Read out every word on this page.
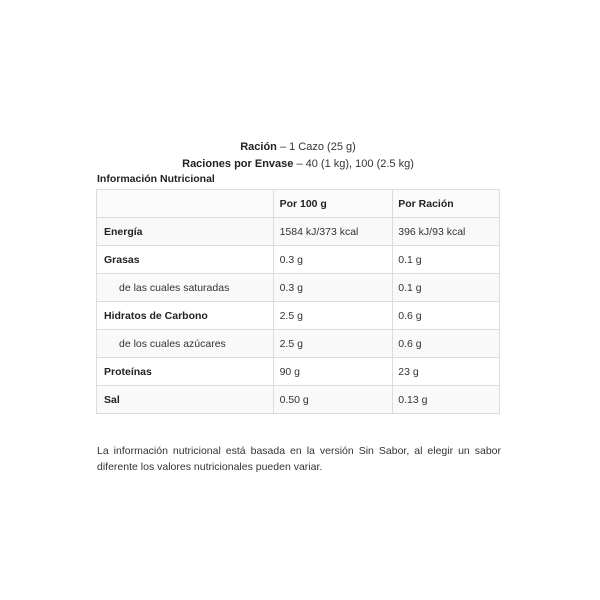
Ración – 1 Cazo (25 g)
Raciones por Envase – 40 (1 kg), 100 (2.5 kg)
Información Nutricional
	Por 100 g	Por Ración
Energía	1584 kJ/373 kcal	396 kJ/93 kcal
Grasas	0.3 g	0.1 g
de las cuales saturadas	0.3 g	0.1 g
Hidratos de Carbono	2.5 g	0.6 g
de los cuales azúcares	2.5 g	0.6 g
Proteínas	90 g	23 g
Sal	0.50 g	0.13 g
La información nutricional está basada en la versión Sin Sabor, al elegir un sabor diferente los valores nutricionales pueden variar.
